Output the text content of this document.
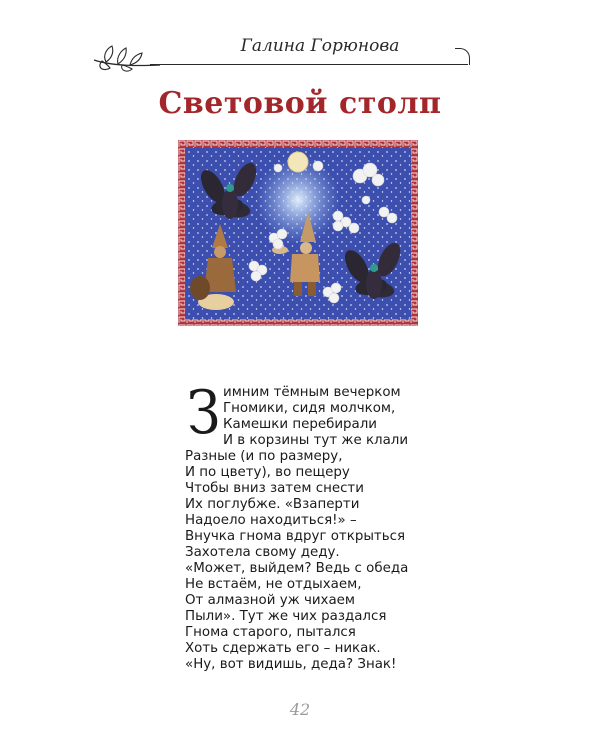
Галина Горюнова
Световой столп
З имним тёмным вечерком
Гномики, сидя молчком,
Камешки перебирали
И в корзины тут же клали
Разные (и по размеру,
И по цвету), во пещеру
Чтобы вниз затем снести
Их поглубже. «Взаперти
Надоело находиться!» –
Внучка гнома вдруг открыться
Захотела свому деду.
«Может, выйдем? Ведь с обеда
Не встаём, не отдыхаем,
От алмазной уж чихаем
Пыли». Тут же чих раздался
Гнома старого, пытался
Хоть сдержать его – никак.
«Ну, вот видишь, деда? Знак!
42
